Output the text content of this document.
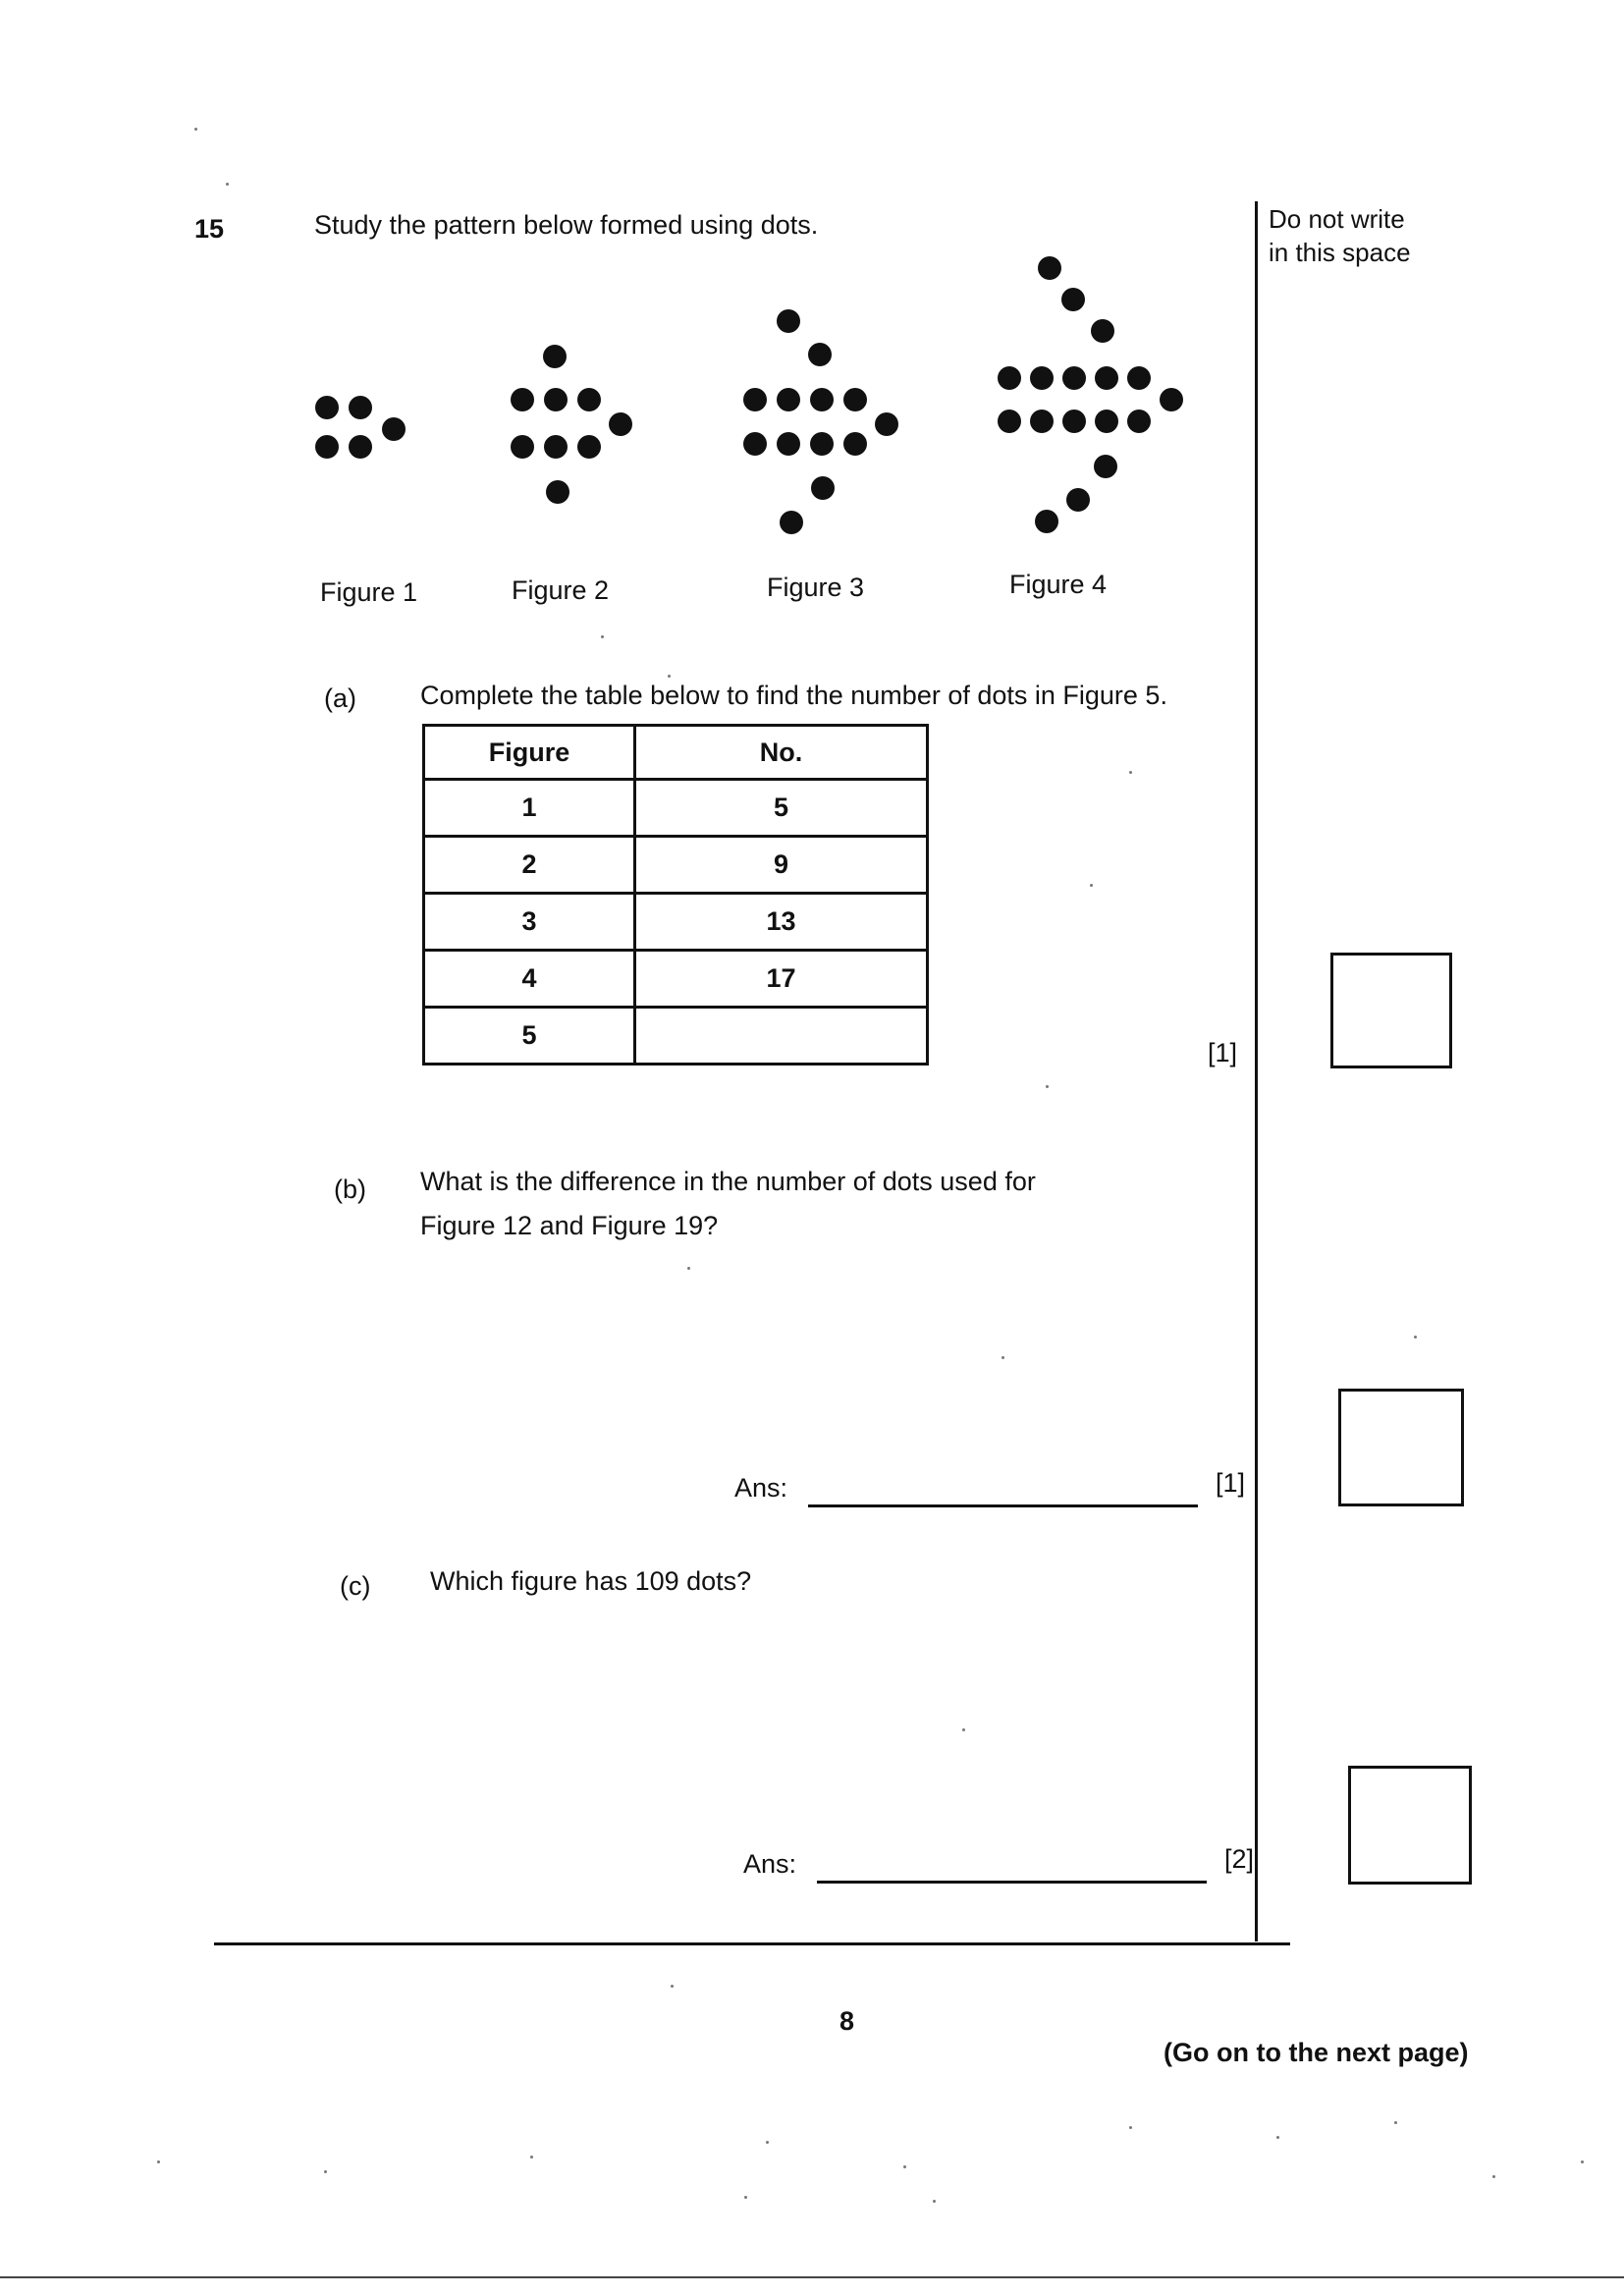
15	Study the pattern below formed using dots.	Do not write
in this space
Figure 1	Figure 2	Figure 3	Figure 4
(a) Complete the table below to find the number of dots in Figure 5.
Figure	No.
1	5
2	9
3	13
4	17
5	
[1]
(b) What is the difference in the number of dots used for
Figure 12 and Figure 19?
Ans:	[1]
(c) Which figure has 109 dots?
Ans:	[2]
8
(Go on to the next page)
